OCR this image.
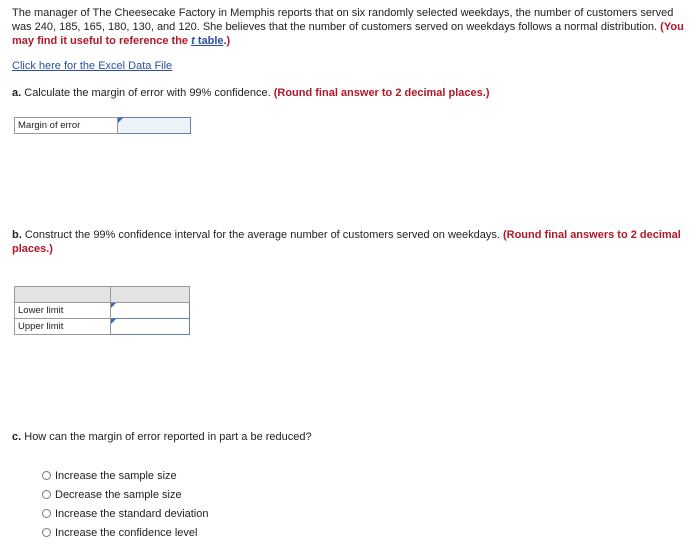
The manager of The Cheesecake Factory in Memphis reports that on six randomly selected weekdays, the number of customers served was 240, 185, 165, 180, 130, and 120. She believes that the number of customers served on weekdays follows a normal distribution. (You may find it useful to reference the t table.)
Click here for the Excel Data File
a. Calculate the margin of error with 99% confidence. (Round final answer to 2 decimal places.)
Margin of error	
b. Construct the 99% confidence interval for the average number of customers served on weekdays. (Round final answers to 2 decimal places.)

Lower limit	
Upper limit	
c. How can the margin of error reported in part a be reduced?
Increase the sample size
Decrease the sample size
Increase the standard deviation
Increase the confidence level
